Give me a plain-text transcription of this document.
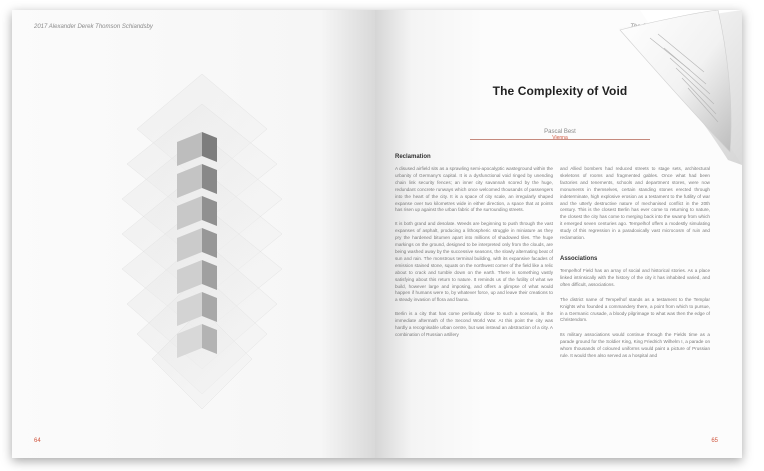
2017 Alexander Derek Thomson Schiandsby
64
The Complexity of Void
Pascal Best
Vienna
Reclamation

A disused airfield sits as a sprawling semi-apocalyptic wasteground within the urbanity of Germany's capital. It is a dysfunctional void ringed by unending chain link security fences; an inner city savannah scored by the huge, redundant concrete runways which once welcomed thousands of passengers into the heart of the city. It is a space of city scale, an irregularly shaped expanse over two kilometres wide in either direction, a space that at points has risen up against the urban fabric of the surrounding streets.

It is both grand and desolate. Weeds are beginning to push through the vast expanses of asphalt, producing a lithospheric struggle in miniature as they pry the hardened bitumen apart into millions of shadowed tiles. The huge markings on the ground, designed to be interpreted only from the clouds, are being washed away by the successive seasons, the slowly alternating beat of sun and rain. The monstrous terminal building, with its expansive facades of emission stained stone, squats on the northwest corner of the field like a relic about to crack and tumble down on the earth. There is something vastly satisfying about this return to nature. It reminds us of the futility of what we build, however large and imposing, and offers a glimpse of what would happen if humans were to, by whatever force, up and leave their creations to a steady invasion of flora and fauna.

Berlin is a city that has come perilously close to such a scenario, in the immediate aftermath of the Second World War. At this point the city was hardly a recognisable urban centre, but was instead an abstraction of a city. A combination of Russian artillery

and Allied bombers had reduced streets to stage sets, architectural skeletons of rooms and fragmented gables. Once what had been factories and tenements, schools and department stores, were now monuments in themselves, certain standing stones erected through indeterminate, high explosive erosion as a testament to the futility of war and the utterly destructive nature of mechanised conflict in the 20th century. This is the closest Berlin has ever come to returning to nature, the closest the city has come to merging back into the swamp from which it emerged seven centuries ago. Tempelhof offers a modestly simulating study of this regression in a paradoxically vast microcosm of ruin and reclamation.

Associations

Tempelhof Field has an array of social and historical stories. As a place linked intrinsically with the history of the city it has inhabited varied, and often difficult, associations.

The district name of Tempelhof stands as a testament to the Templar Knights who founded a commandery there, a point from which to pursue, in a Germanic crusade, a bloody pilgrimage to what was then the edge of Christendom.

Its military associations would continue through the Fields time as a parade ground for the Soldier King, King Friedrich Wilhelm I, a parade on whom thousands of coloured uniforms would paint a picture of Prussian rule. It would then also served as a hospital and

65
